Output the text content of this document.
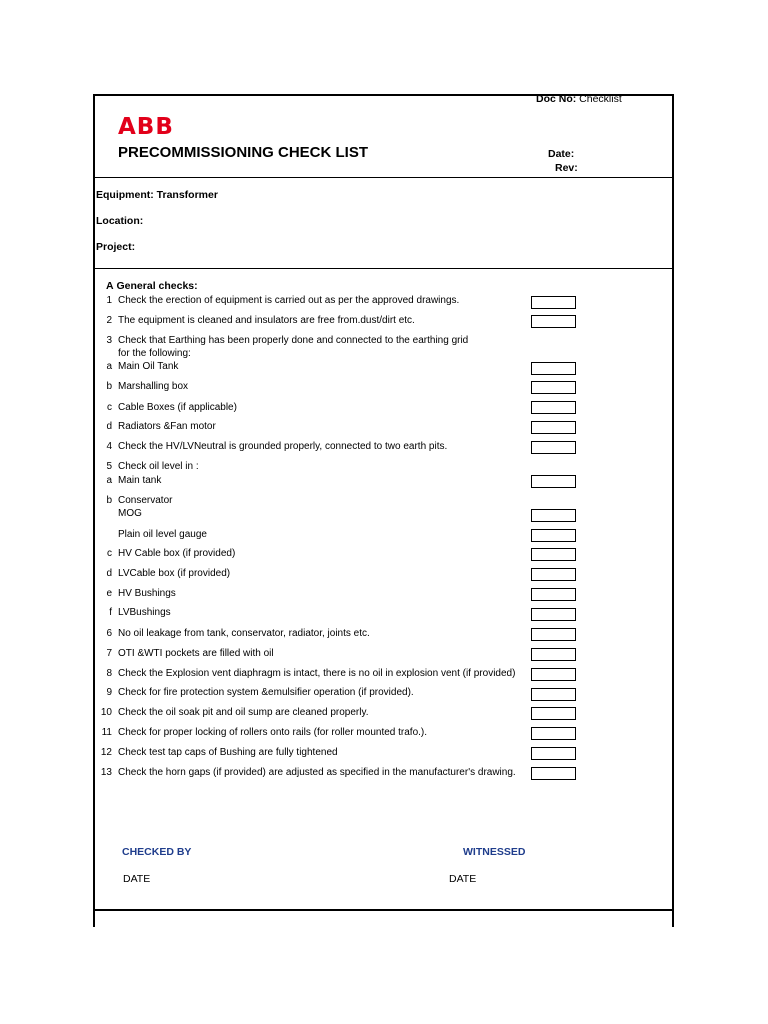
Doc No: Checklist
ABB
PRECOMMISSIONING CHECK LIST	Date:
Rev:
Equipment: Transformer
Location:
Project:
A General checks:
1 Check the erection of equipment is carried out as per the approved drawings.
2 The equipment is cleaned and insulators are free from.dust/dirt etc.
3 Check that Earthing has been properly done and connected to the earthing grid
for the following:
a Main Oil Tank
b Marshalling box
c Cable Boxes (if applicable)
d Radiators &Fan motor
4 Check the HV/LVNeutral is grounded properly, connected to two earth pits.
5 Check oil level in :
a Main tank
b Conservator
MOG
Plain oil level gauge
c HV Cable box (if provided)
d LVCable box (if provided)
e HV Bushings
f LVBushings
6 No oil leakage from tank, conservator, radiator, joints etc.
7 OTI &WTI pockets are filled with oil
8 Check the Explosion vent diaphragm is intact, there is no oil in explosion vent (if provided)
9 Check for fire protection system &emulsifier operation (if provided).
10 Check the oil soak pit and oil sump are cleaned properly.
11 Check for proper locking of rollers onto rails (for roller mounted trafo.).
12 Check test tap caps of Bushing are fully tightened
13 Check the horn gaps (if provided) are adjusted as specified in the manufacturer's drawing.
CHECKED BY	WITNESSED
DATE	DATE
